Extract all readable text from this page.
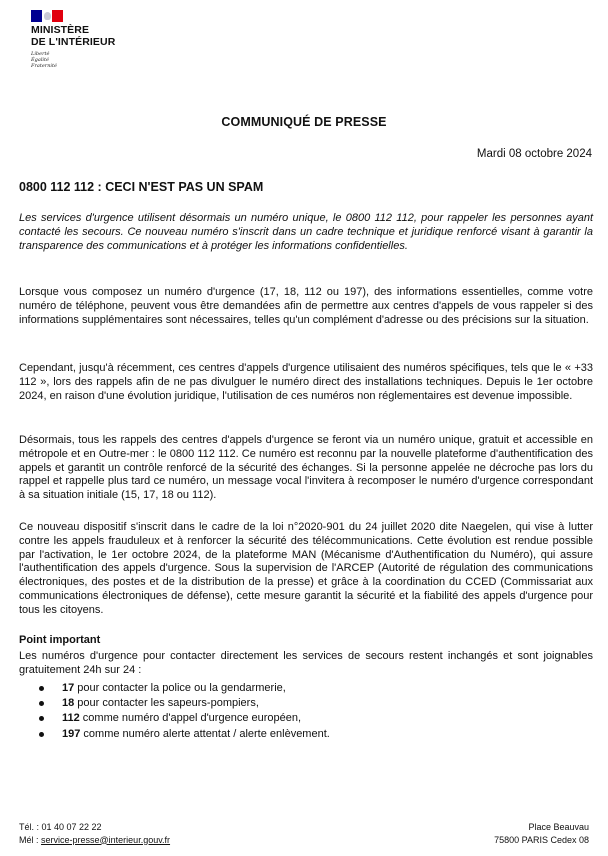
MINISTÈRE
DE L'INTÉRIEUR
Liberté
Égalité
Fraternité
COMMUNIQUÉ DE PRESSE
Mardi 08 octobre 2024
0800 112 112 : CECI N'EST PAS UN SPAM
Les services d'urgence utilisent désormais un numéro unique, le 0800 112 112, pour rappeler les personnes ayant contacté les secours. Ce nouveau numéro s'inscrit dans un cadre technique et juridique renforcé visant à garantir la transparence des communications et à protéger les informations confidentielles.
Lorsque vous composez un numéro d'urgence (17, 18, 112 ou 197), des informations essentielles, comme votre numéro de téléphone, peuvent vous être demandées afin de permettre aux centres d'appels de vous rappeler si des informations supplémentaires sont nécessaires, telles qu'un complément d'adresse ou des précisions sur la situation.
Cependant, jusqu'à récemment, ces centres d'appels d'urgence utilisaient des numéros spécifiques, tels que le « +33 112 », lors des rappels afin de ne pas divulguer le numéro direct des installations techniques. Depuis le 1er octobre 2024, en raison d'une évolution juridique, l'utilisation de ces numéros non réglementaires est devenue impossible.
Désormais, tous les rappels des centres d'appels d'urgence se feront via un numéro unique, gratuit et accessible en métropole et en Outre-mer : le 0800 112 112. Ce numéro est reconnu par la nouvelle plateforme d'authentification des appels et garantit un contrôle renforcé de la sécurité des échanges. Si la personne appelée ne décroche pas lors du rappel et rappelle plus tard ce numéro, un message vocal l'invitera à recomposer le numéro d'urgence correspondant à sa situation initiale (15, 17, 18 ou 112).
Ce nouveau dispositif s'inscrit dans le cadre de la loi n°2020-901 du 24 juillet 2020 dite Naegelen, qui vise à lutter contre les appels frauduleux et à renforcer la sécurité des télécommunications. Cette évolution est rendue possible par l'activation, le 1er octobre 2024, de la plateforme MAN (Mécanisme d'Authentification du Numéro), qui assure l'authentification des appels d'urgence. Sous la supervision de l'ARCEP (Autorité de régulation des communications électroniques, des postes et de la distribution de la presse) et grâce à la coordination du CCED (Commissariat aux communications électroniques de défense), cette mesure garantit la sécurité et la fiabilité des appels d'urgence pour tous les citoyens.
Point important
Les numéros d'urgence pour contacter directement les services de secours restent inchangés et sont joignables gratuitement 24h sur 24 :
17 pour contacter la police ou la gendarmerie,
18 pour contacter les sapeurs-pompiers,
112 comme numéro d'appel d'urgence européen,
197 comme numéro alerte attentat / alerte enlèvement.
Tél. : 01 40 07 22 22
Mél : service-presse@interieur.gouv.fr
Place Beauvau
75800 PARIS Cedex 08
